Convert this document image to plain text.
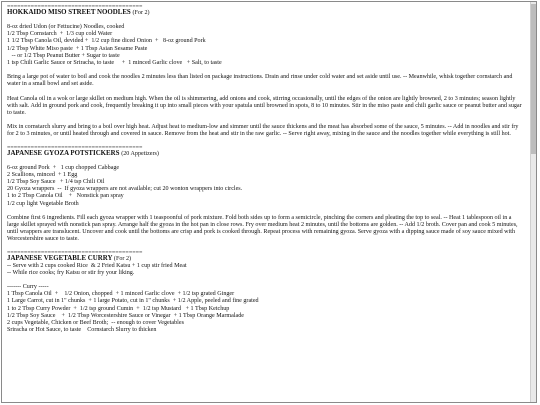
========================================
HOKKAIDO MISO STREET NOODLES (For 2)
8-oz dried Udon (or Fettucine) Noodles, cooked
1/2 Tbsp Cornstarch  +  1/3 cup cold Water
1 1/2 Tbsp Canola Oil, devided +  1/2 cup fine diced Onion  +   8-oz ground Pork
1/2 Tbsp White Miso paste  + 1 Tbsp Asian Sesame Paste
-- or 1/2 Tbsp Peanut Butter + Sugar to taste
1 tsp Chili Garlic Sauce or Sriracha, to taste     +  1 minced Garlic clove   + Salt, to taste

Bring a large pot of water to boil and cook the noodles 2 minutes less than listed on package instructions. Drain and rinse under cold water and set aside until use. -- Meanwhile, whisk together cornstarch and water in a small bowl and set aside.

Heat Canola oil in a wok or large skillet on medium high. When the oil is shimmering, add onions and cook, stirring occasionally, until the edges of the onion are lightly browned, 2 to 3 minutes; season lightly with salt. Add in ground pork and cook, frequently breaking it up into small pieces with your spatula until browned in spots, 8 to 10 minutes. Stir in the miso paste and chili garlic sauce or peanut butter and sugar to taste.

Mix in cornstarch slurry and bring to a boil over high heat. Adjust heat to medium-low and simmer until the sauce thickens and the meat has absorbed some of the sauce, 5 minutes. -- Add in noodles and stir fry for 2 to 3 minutes, or until heated through and covered in sauce. Remove from the heat and stir in the raw garlic. -- Serve right away, mixing in the sauce and the noodles together while everything is still hot.

========================================
JAPANESE GYOZA POTSTICKERS (20 Appetizers)
6-oz ground Pork  +   1 cup chopped Cabbage
2 Scallions, minced  + 1 Egg
1/2 Tbsp Soy Sauce   + 1/4 tsp Chili Oil
20 Gyoza wrappers  --  If gyoza wrappers are not available; cut 20 wonton wrappers into circles.
1 to 2 Tbsp Canola Oil    +   Nonstick pan spray
1/2 cup light Vegetable Broth

Combine first 6 ingredients. Fill each gyoza wrapper with 1 teaspoonful of pork mixture. Fold both sides up to form a semicircle, pinching the corners and pleating the top to seal. -- Heat 1 tablespoon oil in a large skillet sprayed with nonstick pan spray. Arrange half the gyoza in the hot pan in close rows. Fry over medium heat 2 minutes, until the bottoms are golden. -- Add 1/2 broth. Cover pan and cook 5 minutes, until wrappers are translucent. Uncover and cook until the bottoms are crisp and pork is cooked through. Repeat process with remaining gyoza. Serve gyoza with a dipping sauce made of soy sauce mixed with Worcestershire sauce to taste.

========================================
JAPANESE VEGETABLE CURRY (For 2)
-- Serve with 2 cups cooked Rice  & 2 Fried Katsu + 1 cup stir fried Meat
-- While rice cooks; fry Katsu or stir fry your liking.
------- Curry -----
1 Tbsp Canola Oil  +    1/2 Onion, chopped  + 1 minced Garlic clove  + 1/2 tsp grated Ginger
1 Large Carrot, cut in 1" chunks  + 1 large Potato, cut in 1" chunks  + 1/2 Apple, peeled and fine grated
1 to 2 Tbsp Curry Powder  +  1/2 tsp ground Cumin  +  1/2 tsp Mustard   + 1 Tbsp Ketchup
1/2 Tbsp Soy Sauce    +  1/2 Tbsp Worcestershire Sauce or Vinegar  + 1 Tbsp Orange Marmalade
2 cups Vegetable, Chicken or Beef Broth;  -- enough to cover Vegetables
Sriracha or Hot Sauce, to taste    Cornstarch Slurry to thicken
